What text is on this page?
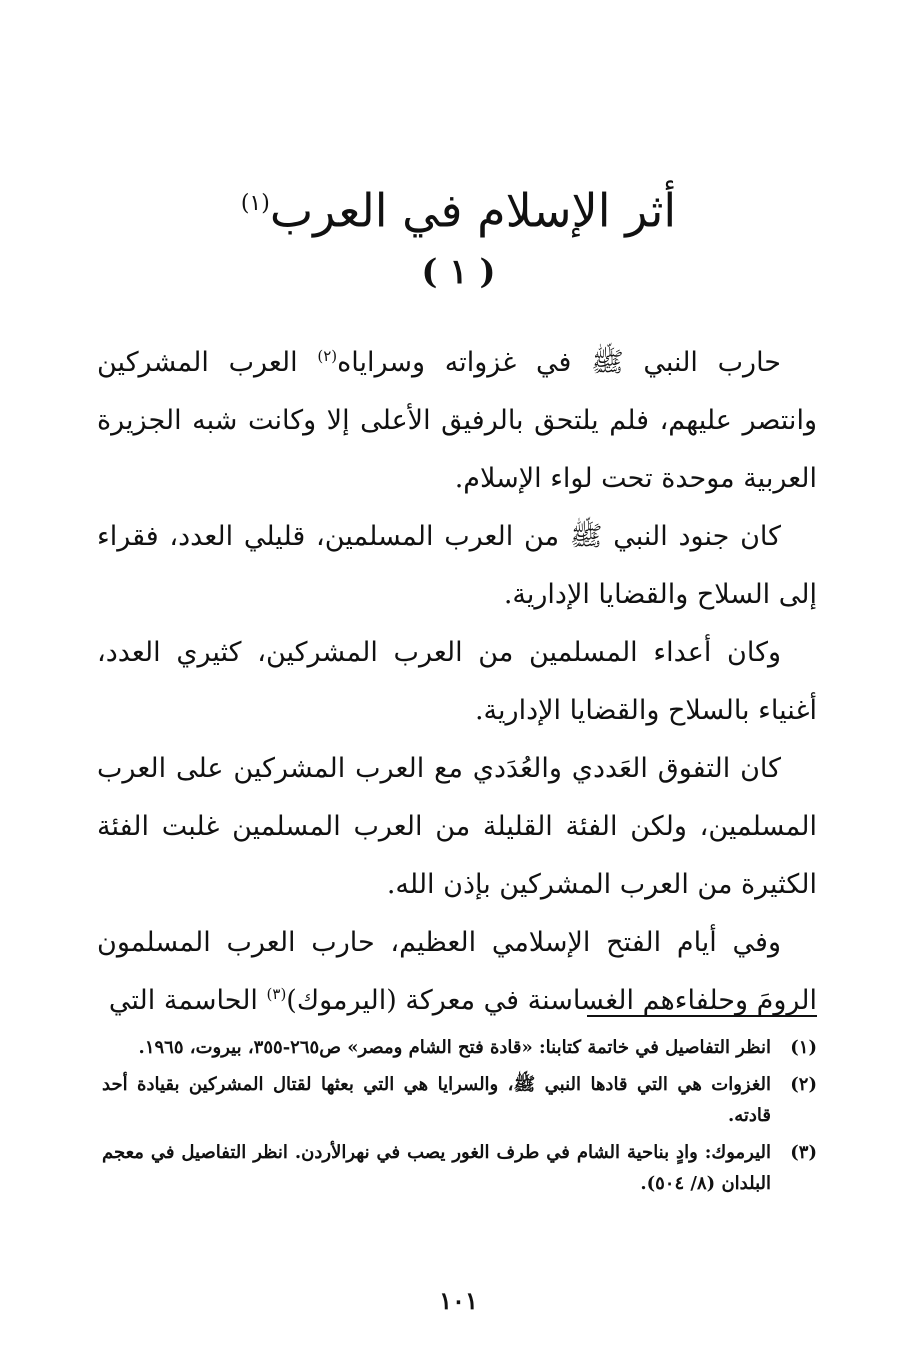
أثر الإسلام في العرب$^{(١)}$
( ١ )

حارب النبي ﷺ في غزواته وسراياه$^{(٢)}$ العرب المشركين وانتصر عليهم، فلم يلتحق بالرفيق الأعلى إلا وكانت شبه الجزيرة العربية موحدة تحت لواء الإسلام.

كان جنود النبي ﷺ من العرب المسلمين، قليلي العدد، فقراء إلى السلاح والقضايا الإدارية.

وكان أعداء المسلمين من العرب المشركين، كثيري العدد، أغنياء بالسلاح والقضايا الإدارية.

كان التفوق العَددي والعُدَدي مع العرب المشركين على العرب المسلمين، ولكن الفئة القليلة من العرب المسلمين غلبت الفئة الكثيرة من العرب المشركين بإذن الله.

وفي أيام الفتح الإسلامي العظيم، حارب العرب المسلمون الرومَ وحلفاءهم الغساسنة في معركة (اليرموك)$^{(٣)}$ الحاسمة التي

(١)
انظر التفاصيل في خاتمة كتابنا: «قادة فتح الشام ومصر» ص٢٦٥-٣٥٥، بيروت، ١٩٦٥.
(٢)
الغزوات هي التي قادها النبي ﷺ، والسرايا هي التي بعثها لقتال المشركين بقيادة أحد قادته.
(٣)
اليرموك: وادٍ بناحية الشام في طرف الغور يصب في نهرالأردن. انظر التفاصيل في معجم البلدان (٨/ ٥٠٤).
١٠١
